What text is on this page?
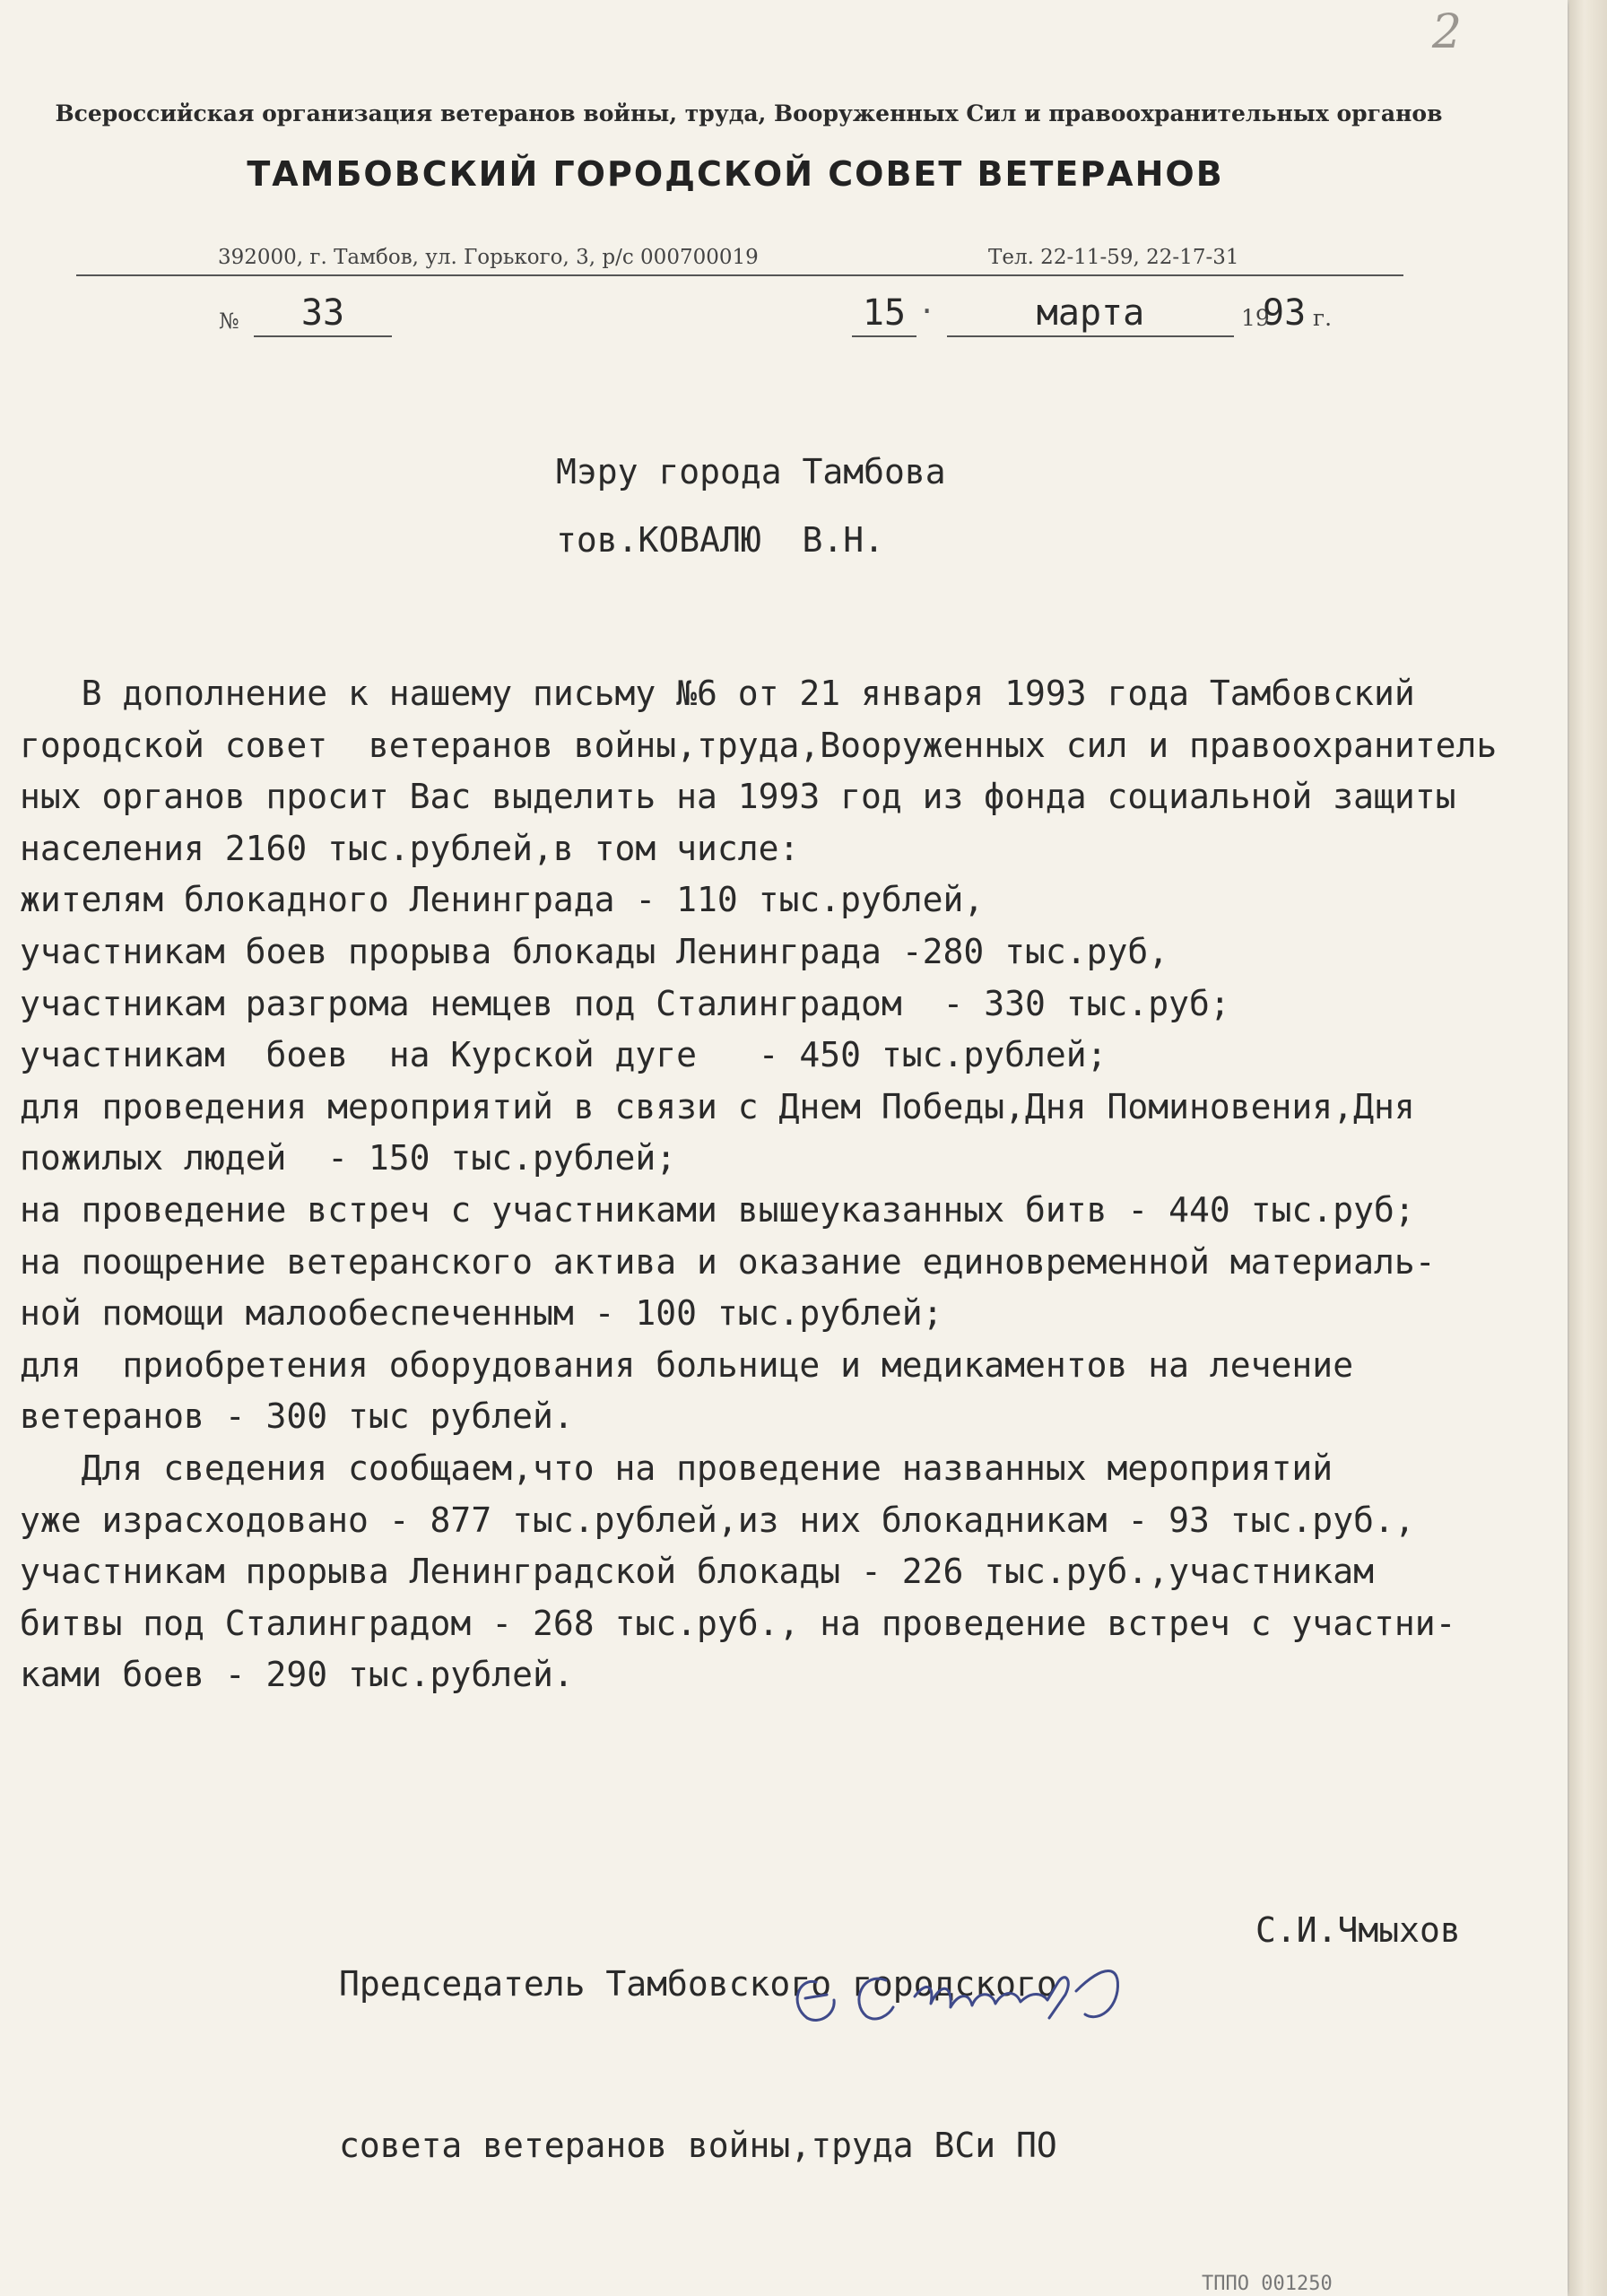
2
Всероссийская организация ветеранов войны, труда, Вооруженных Сил и правоохранительных органов
ТАМБОВСКИЙ ГОРОДСКОЙ СОВЕТ ВЕТЕРАНОВ
392000, г. Тамбов, ул. Горького, 3, р/с 000700019	Тел. 22-11-59, 22-17-31
№	33	15 ·	марта	19
93 г.
Мэру города Тамбова
тов.КОВАЛЮ  В.Н.
В дополнение к нашему письму №6 от 21 января 1993 года Тамбовский
городской совет  ветеранов войны,труда,Вооруженных сил и правоохранитель
ных органов просит Вас выделить на 1993 год из фонда социальной защиты
населения 2160 тыс.рублей,в том числе:
жителям блокадного Ленинграда - 110 тыс.рублей,
участникам боев прорыва блокады Ленинграда -280 тыс.руб,
участникам разгрома немцев под Сталинградом  - 330 тыс.руб;
участникам  боев  на Курской дуге   - 450 тыс.рублей;
для проведения мероприятий в связи с Днем Победы,Дня Поминовения,Дня
пожилых людей  - 150 тыс.рублей;
на проведение встреч с участниками вышеуказанных битв - 440 тыс.руб;
на поощрение ветеранского актива и оказание единовременной материаль-
ной помощи малообеспеченным - 100 тыс.рублей;
для  приобретения оборудования больнице и медикаментов на лечение
ветеранов - 300 тыс рублей.
Для сведения сообщаем,что на проведение названных мероприятий
уже израсходовано - 877 тыс.рублей,из них блокадникам - 93 тыс.руб.,
участникам прорыва Ленинградской блокады - 226 тыс.руб.,участникам
битвы под Сталинградом - 268 тыс.руб., на проведение встреч с участни-
ками боев - 290 тыс.рублей.

Председатель Тамбовского городского

совета ветеранов войны,труда ВСи ПО

С.И.Чмыхов
ТППО 001250
